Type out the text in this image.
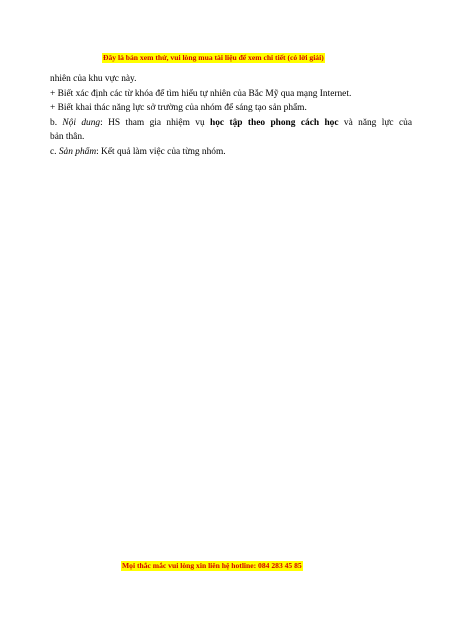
Đây là bản xem thử, vui lòng mua tài liệu để xem chi tiết (có lời giải)

nhiên của khu vực này.

+ Biết xác định các từ khóa để tìm hiểu tự nhiên của Bắc Mỹ qua mạng Internet.

+ Biết khai thác năng lực sở trường của nhóm để sáng tạo sản phẩm.

b. Nội dung: HS tham gia nhiệm vụ học tập theo phong cách học và năng lực của

bản thân.

c. Sản phẩm: Kết quả làm việc của từng nhóm.

Mọi thắc mắc vui lòng xin liên hệ hotline: 084 283 45 85
